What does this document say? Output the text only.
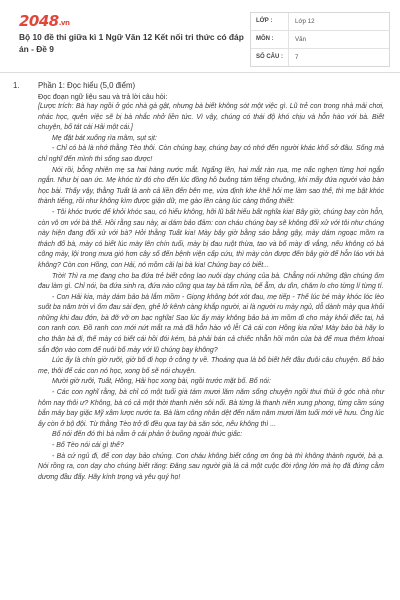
2048.vn
Bộ 10 đề thi giữa kì 1 Ngữ Văn 12 Kết nối tri thức có đáp án - Đề 9
LỚP :	Lớp 12
MÔN :	Văn
SỐ CÂU :	7
1. Phần 1: Đọc hiểu (5,0 điểm)

Đọc đoạn ngữ liệu sau và trả lời câu hỏi:

[Lược trích: Bà hay ngồi ở góc nhà gà gật, nhưng bà biết không sót một việc gì. Lũ trẻ con trong nhà mải chơi, nhác học, quên việc sẽ bị bà nhắc nhở liền tức. Vì vậy, chúng có thái độ khó chịu và hỗn hào với bà. Biết chuyện, bố tát cái Hải một cái.]

Mẹ đặt bát xuống rìa mâm, sụt sịt:

- Chỉ có bà là nhớ thằng Tèo thôi. Còn chúng bay, chúng bay có nhớ đến người khác khổ sở đâu. Sống mà chỉ nghĩ đến mình thì sống sao được!

Nói rồi, bỗng nhiên mẹ sa hai hàng nước mắt. Ngẩng lên, hai mắt ràn rụa, mẹ nấc nghẹn từng hơi ngắn ngắn. Như bị oan ức. Mẹ khóc từ đó cho đến lúc đồng hồ buông tám tiếng chuông, khi mấy đứa người vào bàn học bài. Thấy vậy, thằng Tuất là anh cả liền đến bên mẹ, vừa định khe khẽ hỏi mẹ làm sao thế, thì mẹ bật khóc thành tiếng, rồi như không kìm được giận dữ, mẹ gào lên càng lúc càng thống thiết:

- Tôi khóc trước để khỏi khóc sau, có hiểu không, hỡi lũ bất hiếu bất nghĩa kia! Bây giờ, chúng bay còn hỗn, còn vô ơn với bà thế. Hồi rằng sau này, ai dám bảo đảm: con cháu chúng bay sẽ không đối xử với tôi như chúng này hiện đang đối xử với bà? Hởi thằng Tuất kia! Mày bây giờ bằng sáo bằng gậy, mày dám ngoạc mồm ra thách đố bà, mày có biết lúc mày lên chín tuổi, mày bị đau ruột thừa, tao và bố mày đi vắng, nếu không có bà cõng mày, lội trong mưa gió hơn cây số đến bệnh viện cấp cứu, thì mày còn được đến bây giờ để hỗn láo với bà không? Còn con Hồng, con Hải, nó mồm cãi lại bà kia! Chúng bay có biết...

Trời! Thì ra mẹ đang cho ba đứa trẻ biết công lao nuôi dạy chúng của bà. Chẳng nói những đận chúng ốm đau làm gì. Chỉ nói, ba đứa sinh ra, đứa nào cũng qua tay bà tắm rửa, bế ẵm, du dìn, chăm lo cho từng lí từng tí.

- Con Hải kia, mày dám bảo bà lắm mồm - Giọng không bớt xót đau, mẹ tiếp - Thế lúc bé mày khóc lóc lèo suốt ba năm trời vì ốm đau sài đẹn, ghẻ lở kênh càng khắp người, ai là người ru mày ngủ, dỗ dành mày qua khỏi những khi đau đớn, bà đỡ vỡ ơn bạc nghĩa! Sao lúc ấy mày không bảo bà im mồm đi cho mày khỏi điếc tai, hả con ranh con. Đồ ranh con mới nứt mắt ra mà đã hỗn hào vô lễ! Cả cái con Hồng kia nữa! Mày bảo bà hãy lo cho thân bà đi, thế mày có biết cái hồi đói kém, bà phải bán cả chiếc nhẫn hồi môn của bà để mua thêm khoai sắn độn vào cơm để nuôi bố mày với lũ chúng bay không?

Lúc ấy là chín giờ rưỡi, giờ bố đi họp ở công ty về. Thoáng qua là bố biết hết đầu đuôi câu chuyện. Bố bảo mẹ, thôi để các con nó học, xong bố sẽ nói chuyện.

Mười giờ rưỡi, Tuất, Hồng, Hải học xong bài, ngồi trước mặt bố. Bố nói:

- Các con nghĩ rằng, bà chỉ có một tuổi già tám mươi lăm năm sống chuyện ngồi thui thủi ở góc nhà như hôm nay thôi ư? Không, bà có cả một thời thanh niên sôi nổi. Bà từng là thanh niên xung phong, từng cầm súng bắn máy bay giặc Mỹ xâm lược nước ta. Bà làm công nhân dệt đến năm năm mươi lăm tuổi mới về hưu. Ông lúc ấy còn ở bộ đội. Từ thằng Tèo trở đi đều qua tay bà săn sóc, nếu không thì ...

Bố nói đến đó thì bà nằm ở cái phản ở buồng ngoài thức giấc:

- Bố Tèo nói cái gì thế?

- Bà cứ ngủ đi, để con dạy bảo chúng. Con cháu không biết công ơn ông bà thì không thành người, bà ạ. Nói rồng ra, con dạy cho chúng biết răng: Đăng sau người già là cả một cuộc đời rộng lớn mà họ đã đứng cằm dương đầu đấy. Hãy kính trọng và yêu quý họ!
